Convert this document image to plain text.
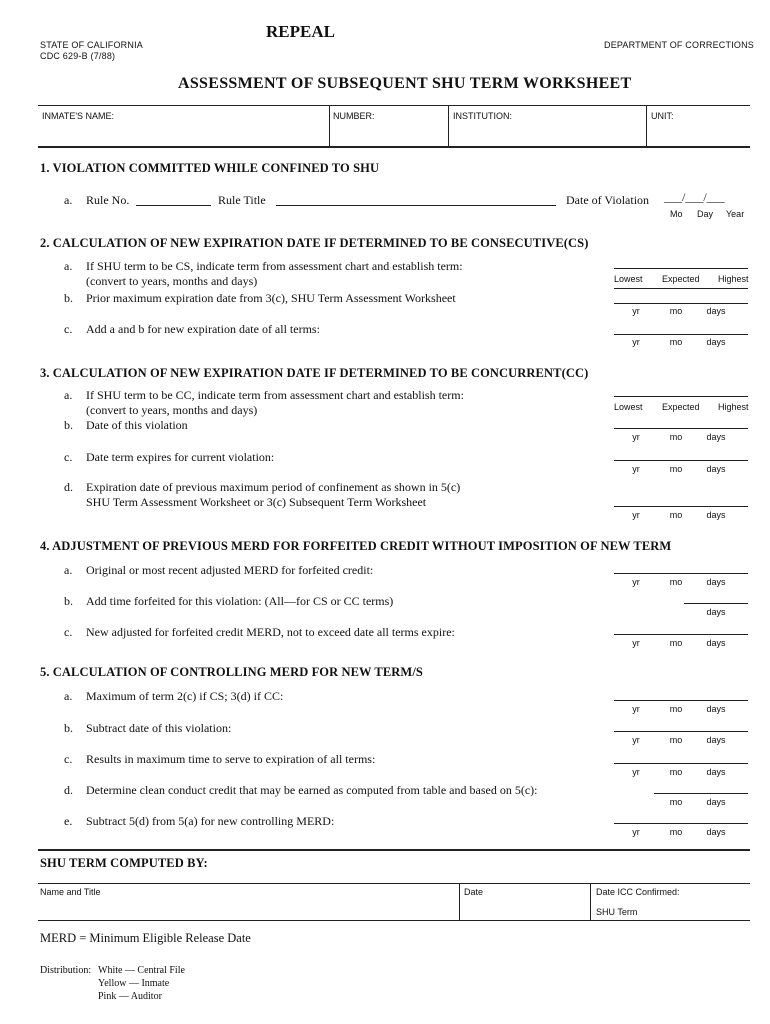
REPEAL
STATE OF CALIFORNIA
CDC 629-B (7/88)
DEPARTMENT OF CORRECTIONS
ASSESSMENT OF SUBSEQUENT SHU TERM WORKSHEET
INMATE'S NAME:	NUMBER:	INSTITUTION:	UNIT:
1. VIOLATION COMMITTED WHILE CONFINED TO SHU
a. Rule No.	Rule Title	Date of Violation ___/___/___
Mo Day Year
2. CALCULATION OF NEW EXPIRATION DATE IF DETERMINED TO BE CONSECUTIVE(CS)
a. If SHU term to be CS, indicate term from assessment chart and establish term:
(convert to years, months and days)	Lowest Expected Highest
b. Prior maximum expiration date from 3(c), SHU Term Assessment Worksheet
yr	mo	days
c. Add a and b for new expiration date of all terms:
yr	mo	days
3. CALCULATION OF NEW EXPIRATION DATE IF DETERMINED TO BE CONCURRENT(CC)
a. If SHU term to be CC, indicate term from assessment chart and establish term:
(convert to years, months and days)	Lowest Expected Highest
b. Date of this violation
yr	mo	days
c. Date term expires for current violation:
yr	mo	days
d. Expiration date of previous maximum period of confinement as shown in 5(c)
SHU Term Assessment Worksheet or 3(c) Subsequent Term Worksheet
yr	mo	days
4. ADJUSTMENT OF PREVIOUS MERD FOR FORFEITED CREDIT WITHOUT IMPOSITION OF NEW TERM
a. Original or most recent adjusted MERD for forfeited credit:
yr	mo	days
b. Add time forfeited for this violation: (All—for CS or CC terms)
days
c. New adjusted for forfeited credit MERD, not to exceed date all terms expire:
yr	mo	days
5. CALCULATION OF CONTROLLING MERD FOR NEW TERM/S
a. Maximum of term 2(c) if CS; 3(d) if CC:
yr	mo	days
b. Subtract date of this violation:
yr	mo	days
c. Results in maximum time to serve to expiration of all terms:
yr	mo	days
d. Determine clean conduct credit that may be earned as computed from table and based on 5(c):
mo	days
e. Subtract 5(d) from 5(a) for new controlling MERD:
yr	mo	days
SHU TERM COMPUTED BY:
Name and Title	Date	Date ICC Confirmed:
SHU Term
MERD = Minimum Eligible Release Date
Distribution: White — Central File
Yellow — Inmate
Pink — Auditor
